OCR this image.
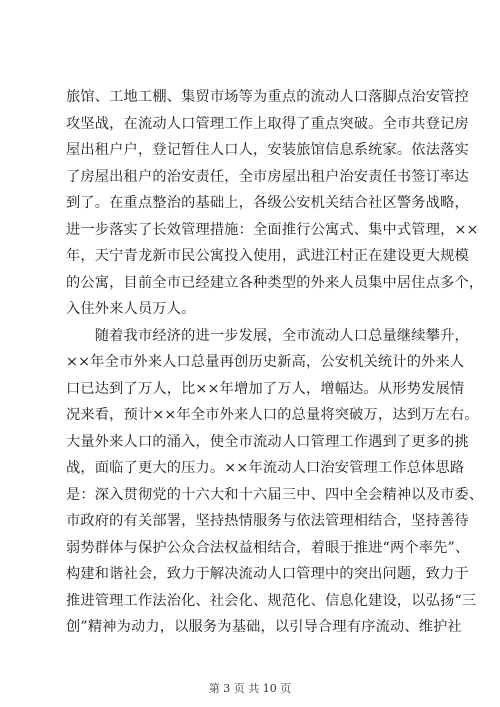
旅馆、工地工棚、集贸市场等为重点的流动人口落脚点治安管控
攻坚战，在流动人口管理工作上取得了重点突破。全市共登记房
屋出租户户，登记暂住人口人，安装旅馆信息系统家。依法落实
了房屋出租户的治安责任，全市房屋出租户治安责任书签订率达
到了。在重点整治的基础上，各级公安机关结合社区警务战略，
进一步落实了长效管理措施：全面推行公寓式、集中式管理，××
年，天宁青龙新市民公寓投入使用，武进江村正在建设更大规模
的公寓，目前全市已经建立各种类型的外来人员集中居住点多个，
入住外来人员万人。
　　随着我市经济的进一步发展，全市流动人口总量继续攀升，
××年全市外来人口总量再创历史新高，公安机关统计的外来人
口已达到了万人，比××年增加了万人，增幅达。从形势发展情
况来看，预计××年全市外来人口的总量将突破万，达到万左右。
大量外来人口的涌入，使全市流动人口管理工作遇到了更多的挑
战，面临了更大的压力。××年流动人口治安管理工作总体思路
是：深入贯彻党的十六大和十六届三中、四中全会精神以及市委、
市政府的有关部署，坚持热情服务与依法管理相结合，坚持善待
弱势群体与保护公众合法权益相结合，着眼于推进“两个率先”、
构建和谐社会，致力于解决流动人口管理中的突出问题，致力于
推进管理工作法治化、社会化、规范化、信息化建设，以弘扬“三
创”精神为动力，以服务为基础，以引导合理有序流动、维护社
第 3 页 共 10 页
